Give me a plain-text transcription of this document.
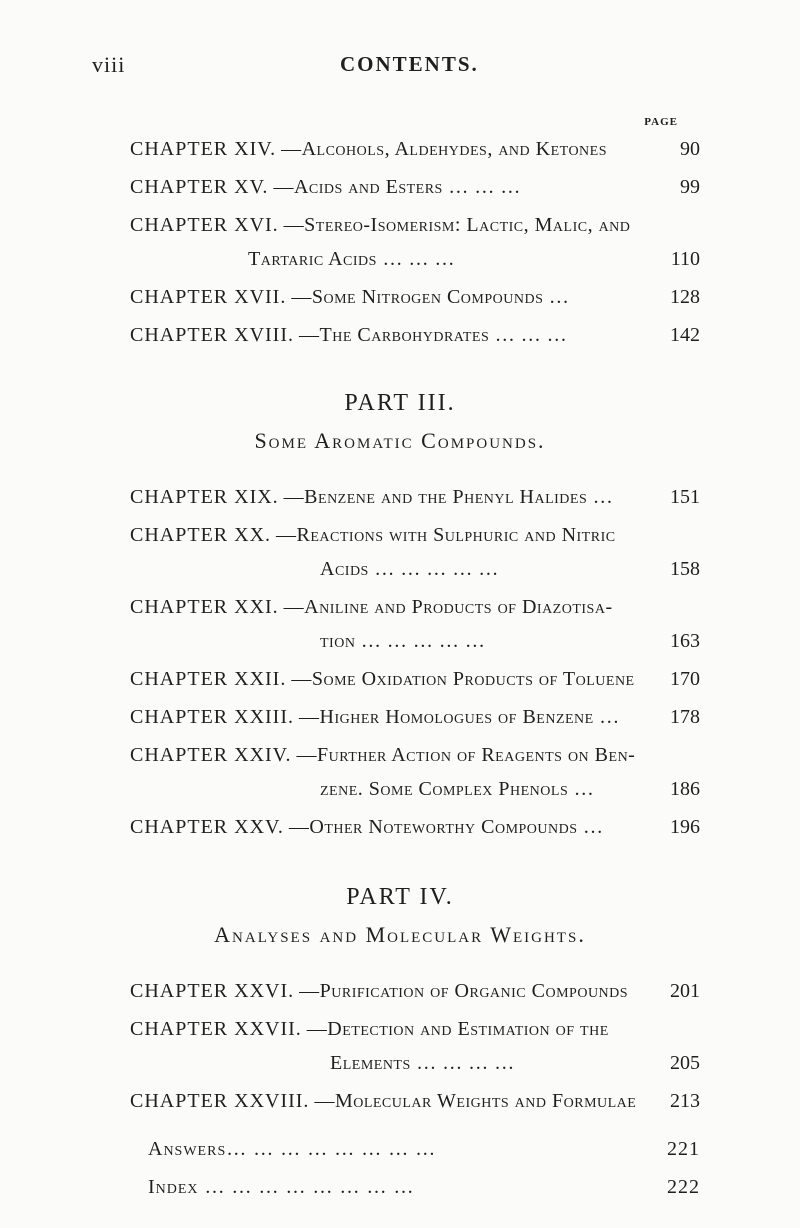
viii	CONTENTS.
PAGE
CHAPTER XIV. —Alcohols, Aldehydes, and Ketones	90
CHAPTER XV. —Acids and Esters … … …	99
CHAPTER XVI. —Stereo-Isomerism: Lactic, Malic, and
Tartaric Acids … … …	110
CHAPTER XVII. —Some Nitrogen Compounds …	128
CHAPTER XVIII. —The Carbohydrates … … …	142
PART III.
Some Aromatic Compounds.
CHAPTER XIX. —Benzene and the Phenyl Halides …	151
CHAPTER XX. —Reactions with Sulphuric and Nitric
Acids … … … … …	158
CHAPTER XXI. —Aniline and Products of Diazotisa-
tion … … … … …	163
CHAPTER XXII. —Some Oxidation Products of Toluene 170
CHAPTER XXIII. —Higher Homologues of Benzene …	178
CHAPTER XXIV. —Further Action of Reagents on Ben-
zene. Some Complex Phenols …	186
CHAPTER XXV. —Other Noteworthy Compounds …	196
PART IV.
Analyses and Molecular Weights.
CHAPTER XXVI. —Purification of Organic Compounds 201
CHAPTER XXVII. —Detection and Estimation of the
Elements … … … …	205
CHAPTER XXVIII. —Molecular Weights and Formulae 213
Answers… … … … … … … …	221
Index … … … … … … … …	222
